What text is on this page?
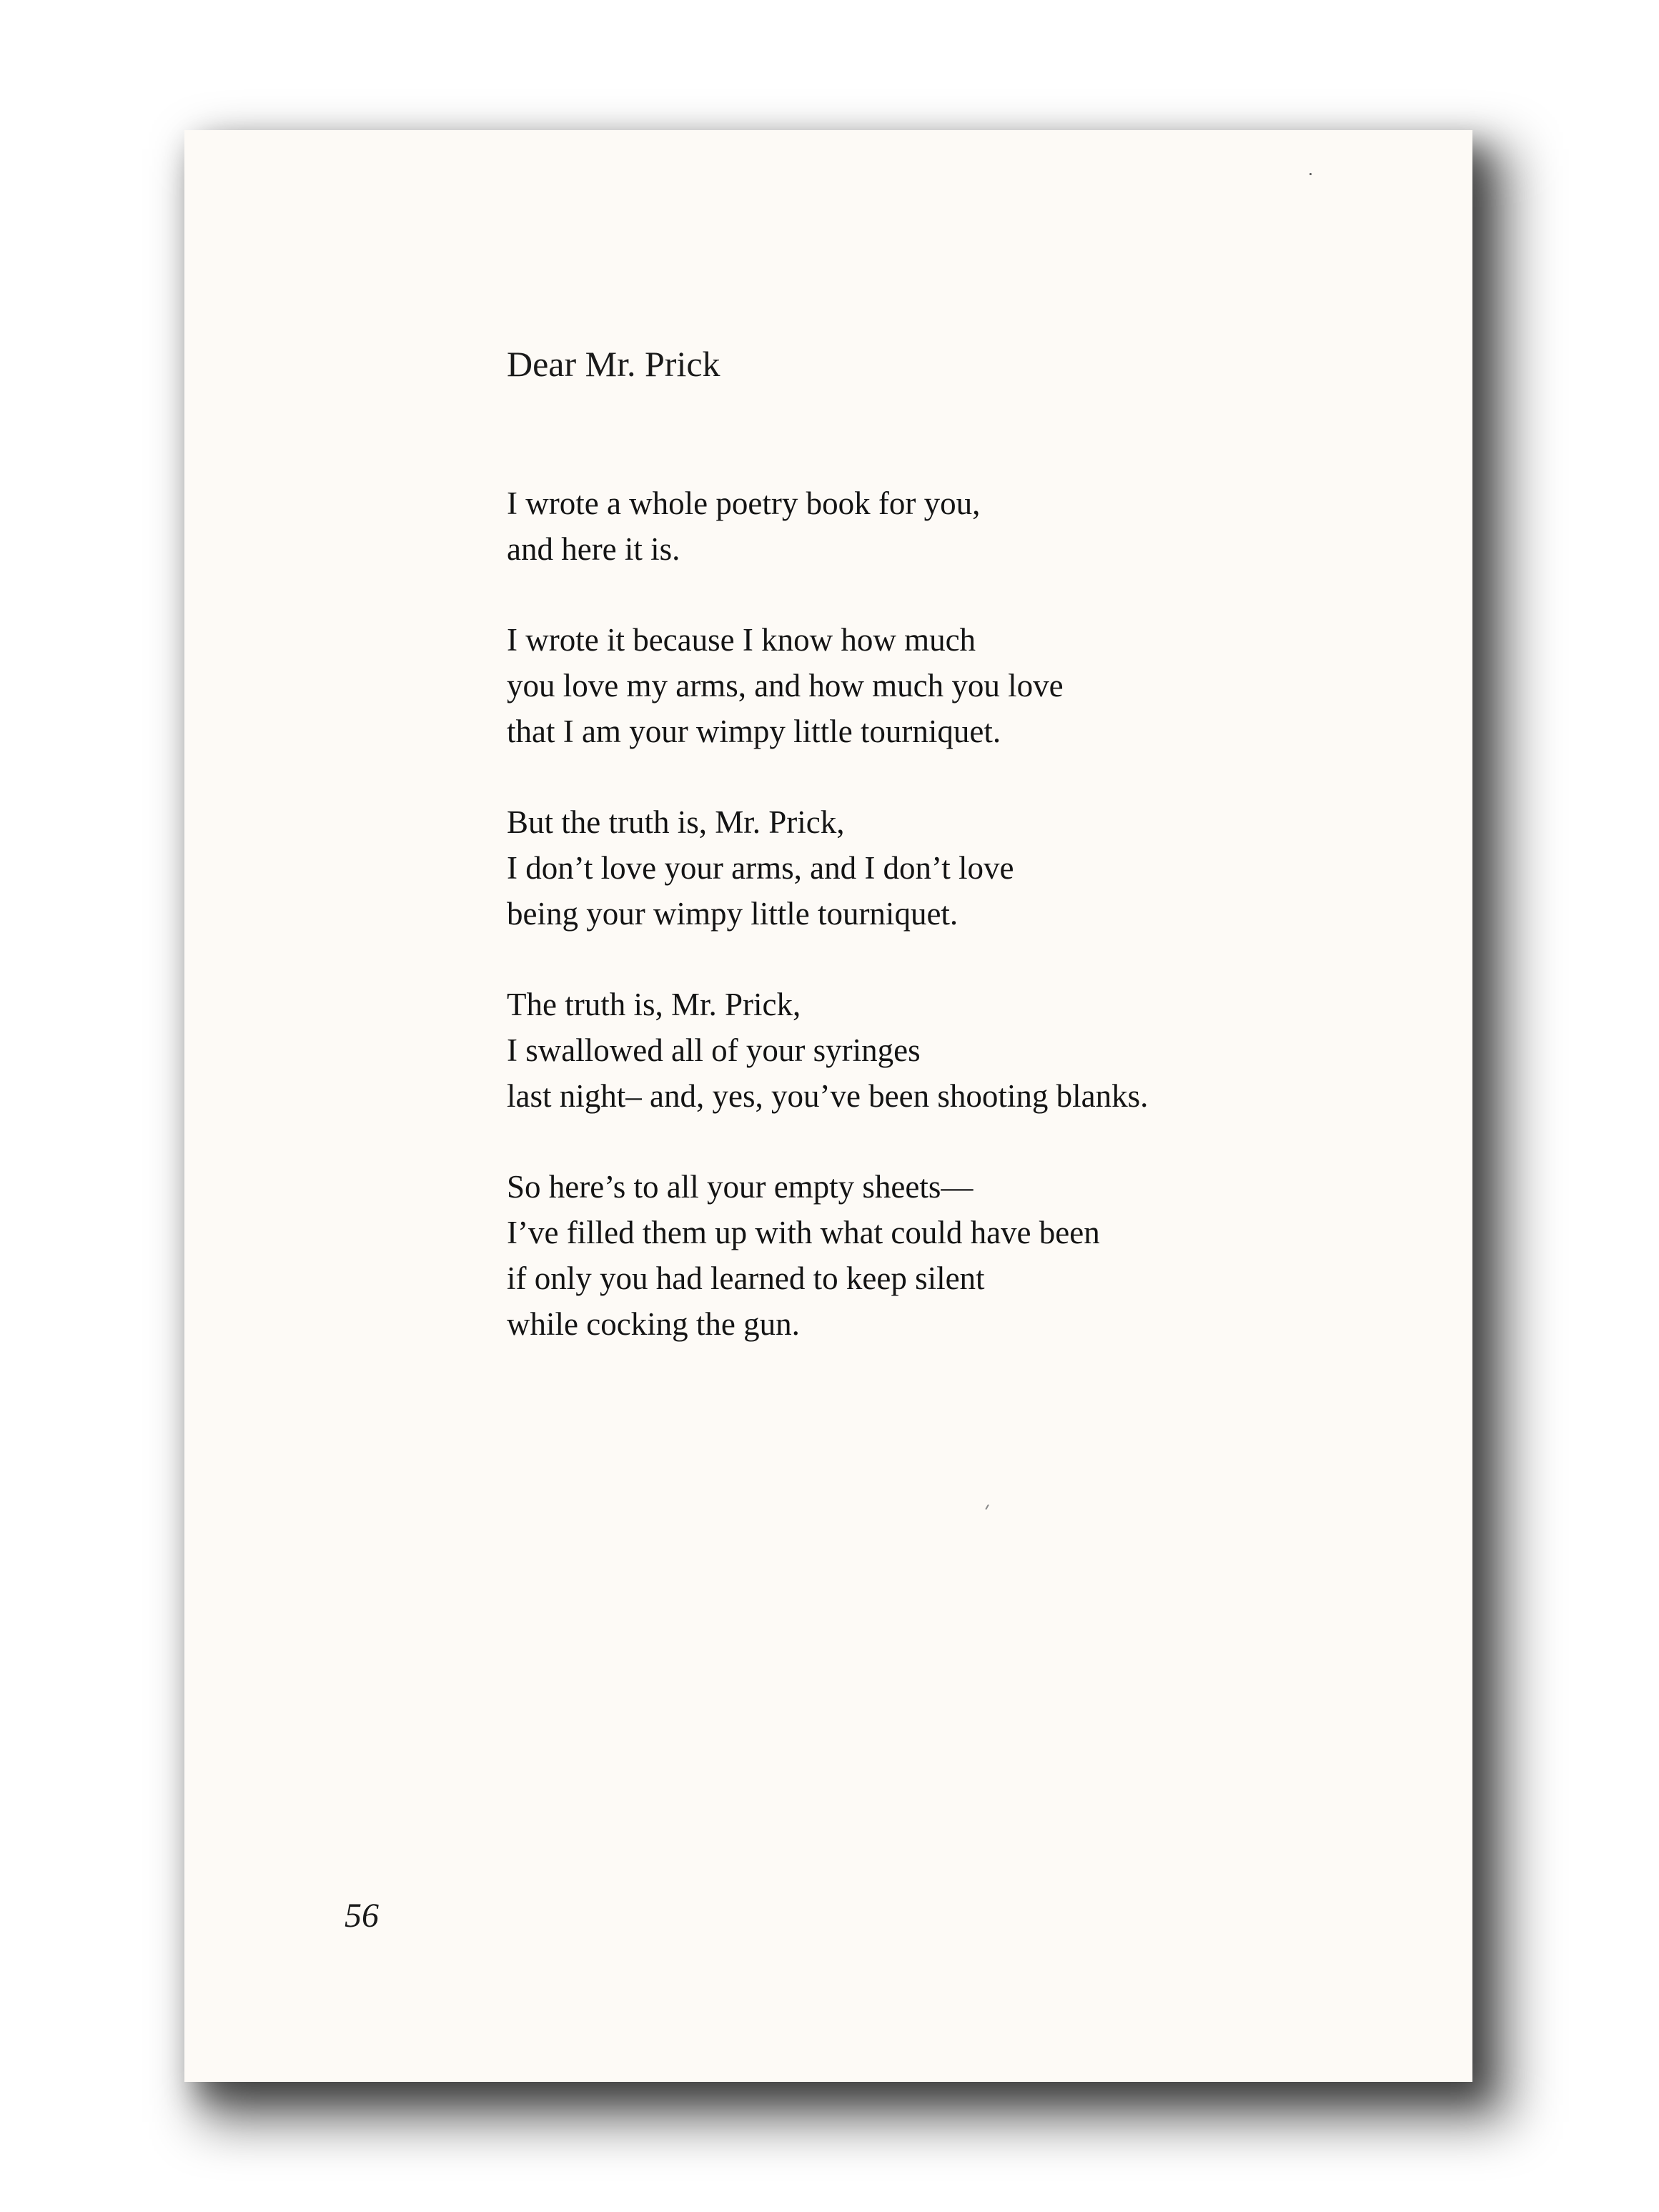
Dear Mr. Prick
I wrote a whole poetry book for you,
and here it is.
I wrote it because I know how much
you love my arms, and how much you love
that I am your wimpy little tourniquet.
But the truth is, Mr. Prick,
I don’t love your arms, and I don’t love
being your wimpy little tourniquet.
The truth is, Mr. Prick,
I swallowed all of your syringes
last night– and, yes, you’ve been shooting blanks.
So here’s to all your empty sheets—
I’ve filled them up with what could have been
if only you had learned to keep silent
while cocking the gun.
56
